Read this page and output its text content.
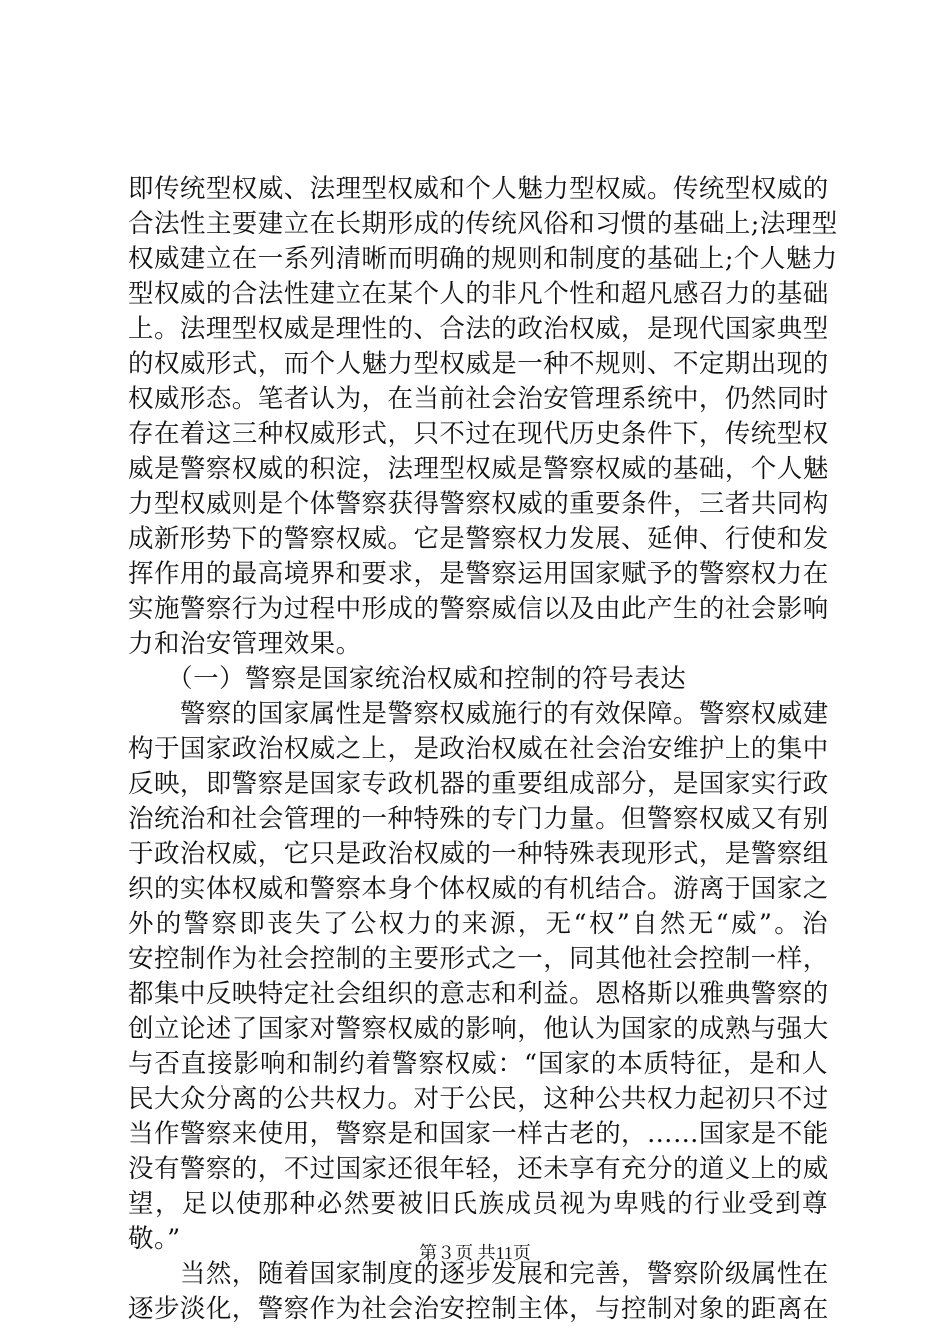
即传统型权威、法理型权威和个人魅力型权威。传统型权威的
合法性主要建立在长期形成的传统风俗和习惯的基础上;法理型
权威建立在一系列清晰而明确的规则和制度的基础上;个人魅力
型权威的合法性建立在某个人的非凡个性和超凡感召力的基础
上。法理型权威是理性的、合法的政治权威，是现代国家典型
的权威形式，而个人魅力型权威是一种不规则、不定期出现的
权威形态。笔者认为，在当前社会治安管理系统中，仍然同时
存在着这三种权威形式，只不过在现代历史条件下，传统型权
威是警察权威的积淀，法理型权威是警察权威的基础，个人魅
力型权威则是个体警察获得警察权威的重要条件，三者共同构
成新形势下的警察权威。它是警察权力发展、延伸、行使和发
挥作用的最高境界和要求，是警察运用国家赋予的警察权力在
实施警察行为过程中形成的警察威信以及由此产生的社会影响
力和治安管理效果。
　　（一）警察是国家统治权威和控制的符号表达
　　警察的国家属性是警察权威施行的有效保障。警察权威建
构于国家政治权威之上，是政治权威在社会治安维护上的集中
反映，即警察是国家专政机器的重要组成部分，是国家实行政
治统治和社会管理的一种特殊的专门力量。但警察权威又有别
于政治权威，它只是政治权威的一种特殊表现形式，是警察组
织的实体权威和警察本身个体权威的有机结合。游离于国家之
外的警察即丧失了公权力的来源，无“权”自然无“威”。治
安控制作为社会控制的主要形式之一，同其他社会控制一样，
都集中反映特定社会组织的意志和利益。恩格斯以雅典警察的
创立论述了国家对警察权威的影响，他认为国家的成熟与强大
与否直接影响和制约着警察权威：“国家的本质特征，是和人
民大众分离的公共权力。对于公民，这种公共权力起初只不过
当作警察来使用，警察是和国家一样古老的，……国家是不能
没有警察的，不过国家还很年轻，还未享有充分的道义上的威
望，足以使那种必然要被旧氏族成员视为卑贱的行业受到尊
敬。”
　　当然，随着国家制度的逐步发展和完善，警察阶级属性在
逐步淡化，警察作为社会治安控制主体，与控制对象的距离在
第３页 共11页
